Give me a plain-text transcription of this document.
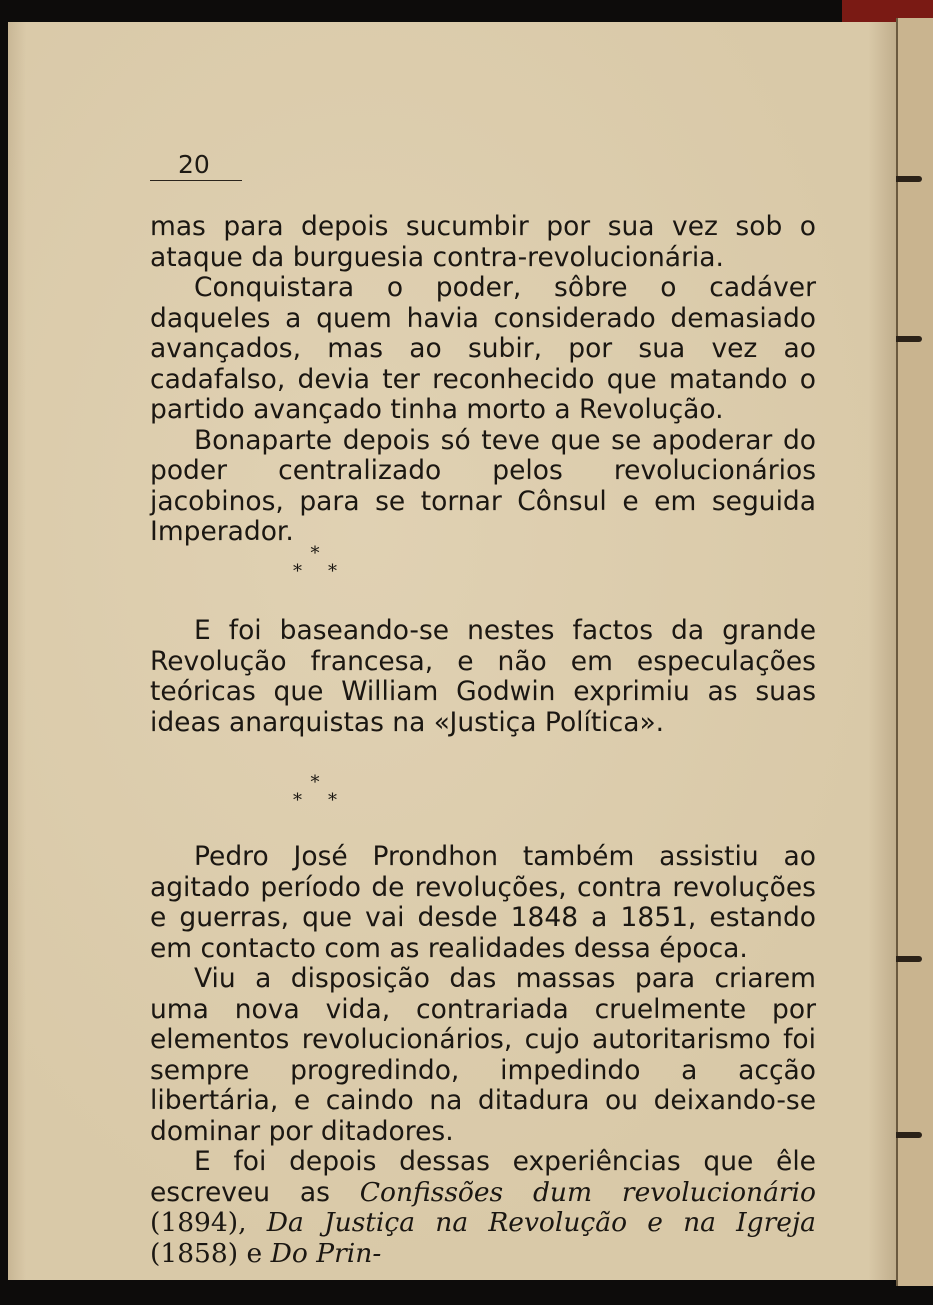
20

mas para depois sucumbir por sua vez sob o ataque da burguesia contra-revolucionária.

Conquistara o poder, sôbre o cadáver daqueles a quem havia considerado demasiado avançados, mas ao subir, por sua vez ao cadafalso, devia ter reconhecido que matando o partido avançado tinha morto a Revolução.

Bonaparte depois só teve que se apoderar do poder centralizado pelos revolucionários jacobinos, para se tornar Cônsul e em seguida Imperador.

*
**

E foi baseando-se nestes factos da grande Revolução francesa, e não em especulações teóricas que William Godwin exprimiu as suas ideas anarquistas na «Justiça Política».

*
**

Pedro José Prondhon também assistiu ao agitado período de revoluções, contra revoluções e guerras, que vai desde 1848 a 1851, estando em contacto com as realidades dessa época.

Viu a disposição das massas para criarem uma nova vida, contrariada cruelmente por elementos revolucionários, cujo autoritarismo foi sempre progredindo, impedindo a acção libertária, e caindo na ditadura ou deixando-se dominar por ditadores.

E foi depois dessas experiências que êle escreveu as Confissões dum revolucionário (1894), Da Justiça na Revolução e na Igreja (1858) e Do Prin-
